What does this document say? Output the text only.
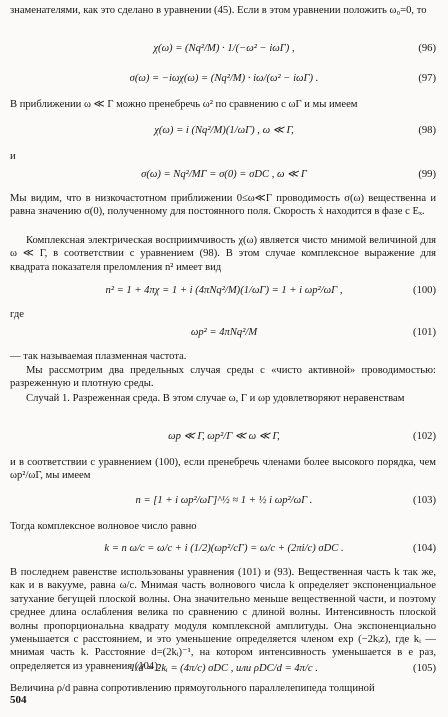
знаменателями, как это сделано в уравнении (45). Если в этом уравнении положить ω₀=0, то
χ(ω) = (Nq²/M) · 1/(−ω² − iωΓ) ,	(96)
σ(ω) = −iωχ(ω) = (Nq²/M) · iω/(ω² − iωΓ) .	(97)
В приближении ω ≪ Γ можно пренебречь ω² по сравнению с ωΓ и мы имеем
χ(ω) = i (Nq²/M)(1/ωΓ) , ω ≪ Γ,	(98)
и
σ(ω) = Nq²/MΓ = σ(0) = σDC , ω ≪ Γ	(99)
Мы видим, что в низкочастотном приближении 0≤ω≪Γ проводимость σ(ω) вещественна и равна значению σ(0), полученному для постоянного поля. Скорость ẋ находится в фазе с Eₓ.
Комплексная электрическая восприимчивость χ(ω) является чисто мнимой величиной для ω ≪ Γ, в соответствии с уравнением (98). В этом случае комплексное выражение для квадрата показателя преломления n² имеет вид
n² = 1 + 4πχ = 1 + i (4πNq²/M)(1/ωΓ) = 1 + i ωp²/ωΓ ,	(100)
где
ωp² = 4πNq²/M	(101)
— так называемая плазменная частота.
Мы рассмотрим два предельных случая среды с «чисто активной» проводимостью: разреженную и плотную среды.
Случай 1. Разреженная среда. В этом случае ω, Γ и ωp удовлетворяют неравенствам
ωp ≪ Γ, ωp²/Γ ≪ ω ≪ Γ,	(102)
и в соответствии с уравнением (100), если пренебречь членами более высокого порядка, чем ωp²/ωΓ, мы имеем
n = [1 + i ωp²/ωΓ]^½ ≈ 1 + ½ i ωp²/ωΓ .	(103)
Тогда комплексное волновое число равно
k = n ω/c = ω/c + i (1/2)(ωp²/cΓ) = ω/c + (2πi/c) σDC .	(104)
В последнем равенстве использованы уравнения (101) и (93). Вещественная часть k так же, как и в вакууме, равна ω/c. Мнимая часть волнового числа k определяет экспоненциальное затухание бегущей плоской волны. Она значительно меньше вещественной части, и поэтому среднее длина ослабления велика по сравнению с длиной волны. Интенсивность плоской волны пропорциональна квадрату модуля комплексной амплитуды. Она экспоненциально уменьшается с расстоянием, и это уменьшение определяется членом exp (−2kᵢz), где kᵢ — мнимая часть k. Расстояние d=(2kᵢ)⁻¹, на котором интенсивность уменьшается в e раз, определяется из уравнения (104):
1/d = 2kᵢ = (4π/c) σDC , или ρDC/d = 4π/c .	(105)
Величина ρ/d равна сопротивлению прямоугольного параллелепипеда толщиной
504
